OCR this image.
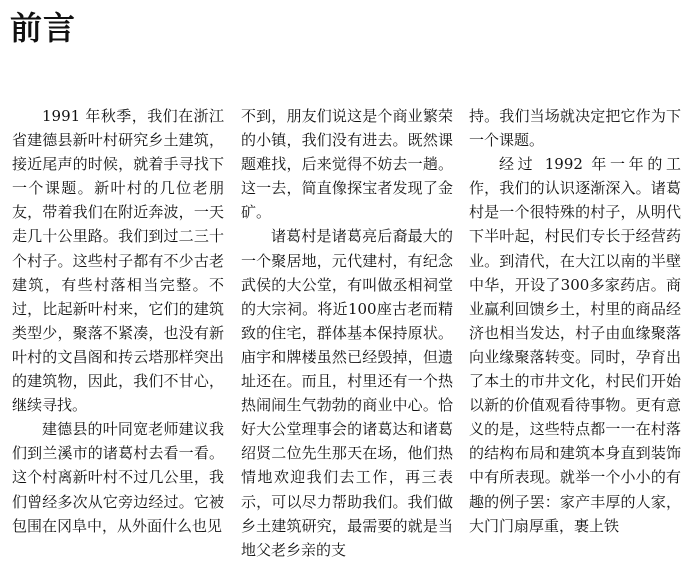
前言

1991 年秋季，我们在浙江省建德县新叶村研究乡土建筑，接近尾声的时候，就着手寻找下一个课题。新叶村的几位老朋友，带着我们在附近奔波，一天走几十公里路。我们到过二三十个村子。这些村子都有不少古老建筑，有些村落相当完整。不过，比起新叶村来，它们的建筑类型少，聚落不紧凑，也没有新叶村的文昌阁和抟云塔那样突出的建筑物，因此，我们不甘心，继续寻找。

建德县的叶同宽老师建议我们到兰溪市的诸葛村去看一看。这个村离新叶村不过几公里，我们曾经多次从它旁边经过。它被包围在冈阜中，从外面什么也见

不到，朋友们说这是个商业繁荣的小镇，我们没有进去。既然课题难找，后来觉得不妨去一趟。这一去，简直像探宝者发现了金矿。

诸葛村是诸葛亮后裔最大的一个聚居地，元代建村，有纪念武侯的大公堂，有叫做丞相祠堂的大宗祠。将近100座古老而精致的住宅，群体基本保持原状。庙宇和牌楼虽然已经毁掉，但遗址还在。而且，村里还有一个热热闹闹生气勃勃的商业中心。恰好大公堂理事会的诸葛达和诸葛绍贤二位先生那天在场，他们热情地欢迎我们去工作，再三表示，可以尽力帮助我们。我们做乡土建筑研究，最需要的就是当地父老乡亲的支

持。我们当场就决定把它作为下一个课题。

经过 1992 年一年的工作，我们的认识逐渐深入。诸葛村是一个很特殊的村子，从明代下半叶起，村民们专长于经营药业。到清代，在大江以南的半壁中华，开设了300多家药店。商业赢利回馈乡土，村里的商品经济也相当发达，村子由血缘聚落向业缘聚落转变。同时，孕育出了本土的市井文化，村民们开始以新的价值观看待事物。更有意义的是，这些特点都一一在村落的结构布局和建筑本身直到装饰中有所表现。就举一个小小的有趣的例子罢：家产丰厚的人家，大门门扇厚重，裹上铁
